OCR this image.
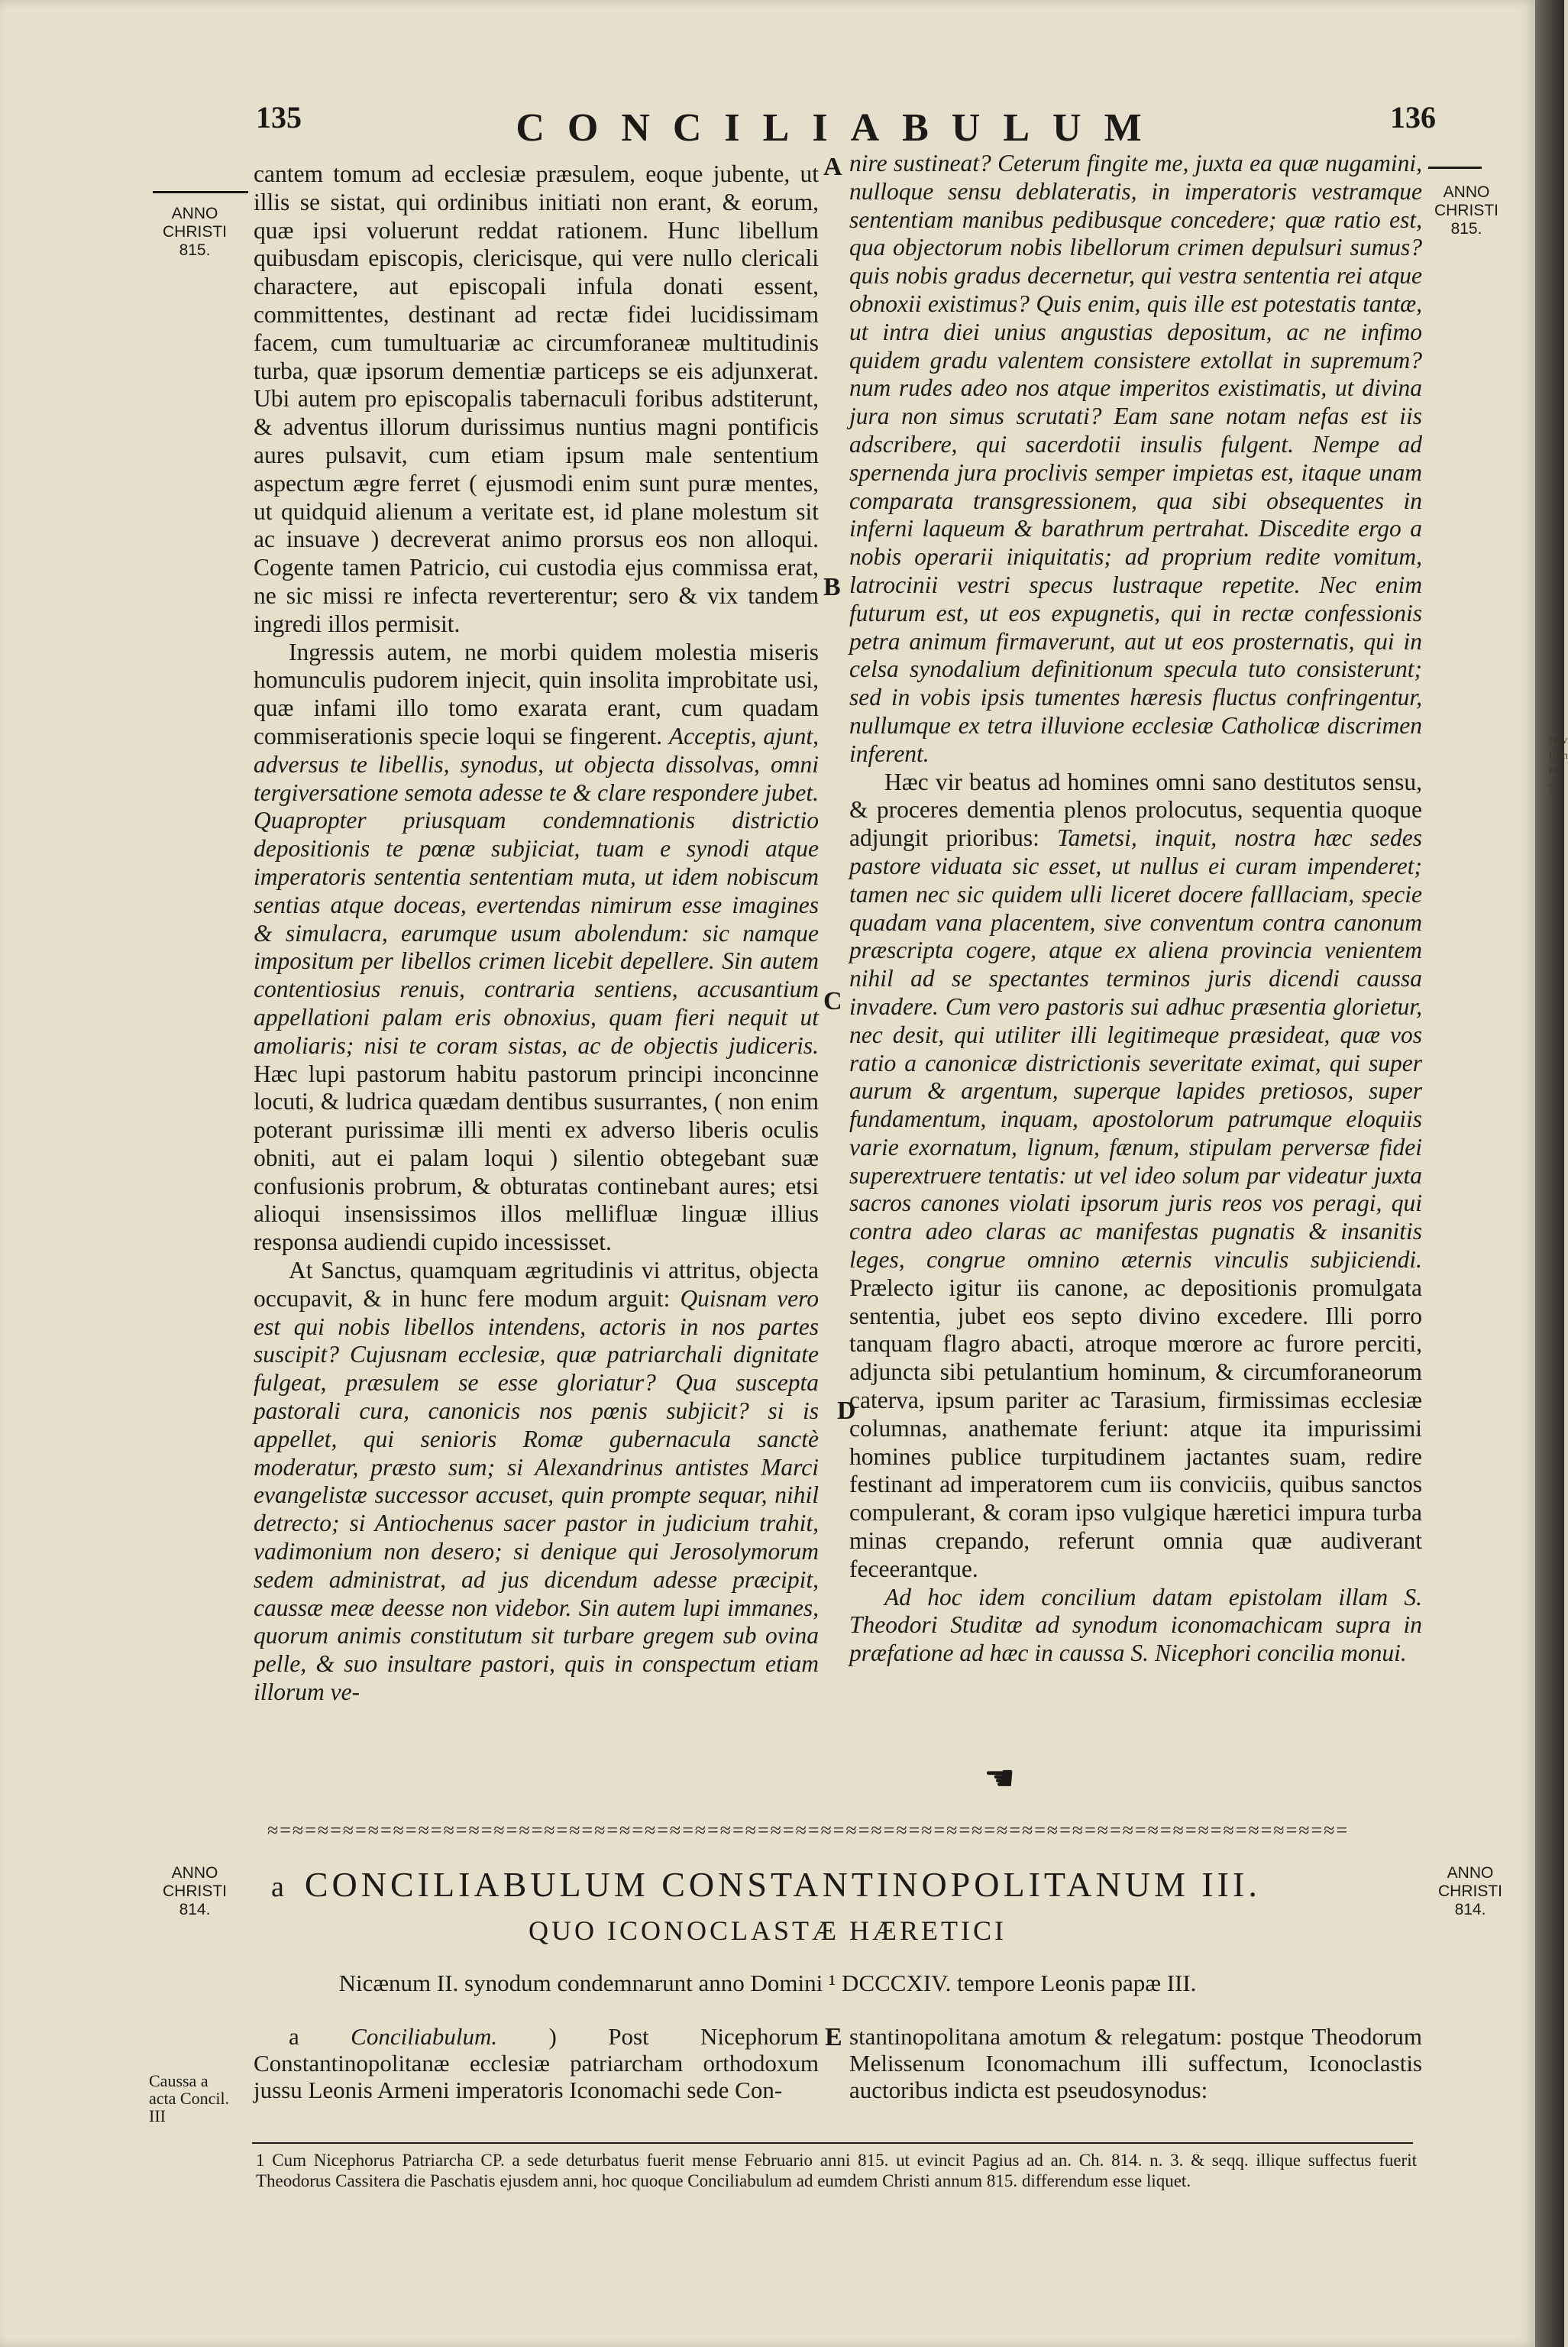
135	136
CONCILIABULUM
ANNO
CHRISTI
815.
ANNO
CHRISTI
815.

cantem tomum ad ecclesiæ præsulem, eoque jubente, ut illis se sistat, qui ordinibus initiati non erant, & eorum, quæ ipsi voluerunt reddat rationem. Hunc libellum quibusdam episcopis, clericisque, qui vere nullo clericali charactere, aut episcopali infula donati essent, committentes, destinant ad rectæ fidei lucidissimam facem, cum tumultuariæ ac circumforaneæ multitudinis turba, quæ ipsorum dementiæ particeps se eis adjunxerat. Ubi autem pro episcopalis tabernaculi foribus adstiterunt, & adventus illorum durissimus nuntius magni pontificis aures pulsavit, cum etiam ipsum male sententium aspectum ægre ferret ( ejusmodi enim sunt puræ mentes, ut quidquid alienum a veritate est, id plane molestum sit ac insuave ) decreverat animo prorsus eos non alloqui. Cogente tamen Patricio, cui custodia ejus commissa erat, ne sic missi re infecta reverterentur; sero & vix tandem ingredi illos permisit.

Ingressis autem, ne morbi quidem molestia miseris homunculis pudorem injecit, quin insolita improbitate usi, quæ infami illo tomo exarata erant, cum quadam commiserationis specie loqui se fingerent. Acceptis, ajunt, adversus te libellis, synodus, ut objecta dissolvas, omni tergiversatione semota adesse te & clare respondere jubet. Quapropter priusquam condemnationis districtio depositionis te pœnæ subjiciat, tuam e synodi atque imperatoris sententia sententiam muta, ut idem nobiscum sentias atque doceas, evertendas nimirum esse imagines & simulacra, earumque usum abolendum: sic namque impositum per libellos crimen licebit depellere. Sin autem contentiosius renuis, contraria sentiens, accusantium appellationi palam eris obnoxius, quam fieri nequit ut amoliaris; nisi te coram sistas, ac de objectis judiceris. Hæc lupi pastorum habitu pastorum principi inconcinne locuti, & ludrica quædam dentibus susurrantes, ( non enim poterant purissimæ illi menti ex adverso liberis oculis obniti, aut ei palam loqui ) silentio obtegebant suæ confusionis probrum, & obturatas continebant aures; etsi alioqui insensissimos illos mellifluæ linguæ illius responsa audiendi cupido incessisset.

At Sanctus, quamquam ægritudinis vi attritus, objecta occupavit, & in hunc fere modum arguit: Quisnam vero est qui nobis libellos intendens, actoris in nos partes suscipit? Cujusnam ecclesiæ, quæ patriarchali dignitate fulgeat, præsulem se esse gloriatur? Qua suscepta pastorali cura, canonicis nos pœnis subjicit? si is appellet, qui senioris Romæ gubernacula sanctè moderatur, præsto sum; si Alexandrinus antistes Marci evangelistæ successor accuset, quin prompte sequar, nihil detrecto; si Antiochenus sacer pastor in judicium trahit, vadimonium non desero; si denique qui Jerosolymorum sedem administrat, ad jus dicendum adesse præcipit, caussæ meæ deesse non videbor. Sin autem lupi immanes, quorum animis constitutum sit turbare gregem sub ovina pelle, & suo insultare pastori, quis in conspectum etiam illorum ve-

nire sustineat? Ceterum fingite me, juxta ea quæ nugamini, nulloque sensu deblateratis, in imperatoris vestramque sententiam manibus pedibusque concedere; quæ ratio est, qua objectorum nobis libellorum crimen depulsuri sumus? quis nobis gradus decernetur, qui vestra sententia rei atque obnoxii existimus? Quis enim, quis ille est potestatis tantæ, ut intra diei unius angustias depositum, ac ne infimo quidem gradu valentem consistere extollat in supremum? num rudes adeo nos atque imperitos existimatis, ut divina jura non simus scrutati? Eam sane notam nefas est iis adscribere, qui sacerdotii insulis fulgent. Nempe ad spernenda jura proclivis semper impietas est, itaque unam comparata transgressionem, qua sibi obsequentes in inferni laqueum & barathrum pertrahat. Discedite ergo a nobis operarii iniquitatis; ad proprium redite vomitum, latrocinii vestri specus lustraque repetite. Nec enim futurum est, ut eos expugnetis, qui in rectæ confessionis petra animum firmaverunt, aut ut eos prosternatis, qui in celsa synodalium definitionum specula tuto consisterunt; sed in vobis ipsis tumentes hæresis fluctus confringentur, nullumque ex tetra illuvione ecclesiæ Catholicæ discrimen inferent.

Hæc vir beatus ad homines omni sano destitutos sensu, & proceres dementia plenos prolocutus, sequentia quoque adjungit prioribus: Tametsi, inquit, nostra hæc sedes pastore viduata sic esset, ut nullus ei curam impenderet; tamen nec sic quidem ulli liceret docere falllaciam, specie quadam vana placentem, sive conventum contra canonum præscripta cogere, atque ex aliena provincia venientem nihil ad se spectantes terminos juris dicendi caussa invadere. Cum vero pastoris sui adhuc præsentia glorietur, nec desit, qui utiliter illi legitimeque præsideat, quæ vos ratio a canonicæ districtionis severitate eximat, qui super aurum & argentum, superque lapides pretiosos, super fundamentum, inquam, apostolorum patrumque eloquiis varie exornatum, lignum, fænum, stipulam perversæ fidei superextruere tentatis: ut vel ideo solum par videatur juxta sacros canones violati ipsorum juris reos vos peragi, qui contra adeo claras ac manifestas pugnatis & insanitis leges, congrue omnino æternis vinculis subjiciendi. Prælecto igitur iis canone, ac depositionis promulgata sententia, jubet eos septo divino excedere. Illi porro tanquam flagro abacti, atroque mœrore ac furore perciti, adjuncta sibi petulantium hominum, & circumforaneorum caterva, ipsum pariter ac Tarasium, firmissimas ecclesiæ columnas, anathemate feriunt: atque ita impurissimi homines publice turpitudinem jactantes suam, redire festinant ad imperatorem cum iis conviciis, quibus sanctos compulerant, & coram ipso vulgique hæretici impura turba minas crepando, referunt omnia quæ audiverant feceerantque.

Ad hoc idem concilium datam epistolam illam S. Theodori Studitæ ad synodum iconomachicam supra in præfatione ad hæc in caussa S. Nicephori concilia monui.

A
B
C
D
☚
≈=≈=≈=≈=≈=≈=≈=≈=≈=≈=≈=≈=≈=≈=≈=≈=≈=≈=≈=≈=≈=≈=≈=≈=≈=≈=≈=≈=≈=≈=≈=≈=≈=≈=≈=≈=≈=≈=≈=≈=≈=≈=≈=
ANNO
CHRISTI
814.
ANNO
CHRISTI
814.
a CONCILIABULUM CONSTANTINOPOLITANUM III.
QUO ICONOCLASTÆ HÆRETICI
Nicænum II. synodum condemnarunt anno Domini ¹ DCCCXIV. tempore Leonis papæ III.
Caussa a
acta Concil.
III

a Conciliabulum. ) Post Nicephorum Constantinopolitanæ ecclesiæ patriarcham orthodoxum jussu Leonis Armeni imperatoris Iconomachi sede Con-

E stantinopolitana amotum & relegatum: postque Theodorum Melissenum Iconomachum illi suffectum, Iconoclastis auctoribus indicta est pseudosynodus:

1 Cum Nicephorus Patriarcha CP. a sede deturbatus fuerit mense Februario anni 815. ut evincit Pagius ad an. Ch. 814. n. 3. & seqq. illique suffectus fuerit Theodorus Cassitera die Paschatis ejusdem anni, hoc quoque Conciliabulum ad eumdem Christi annum 815. differendum esse liquet.
Nov
Icon
lib
sia.
